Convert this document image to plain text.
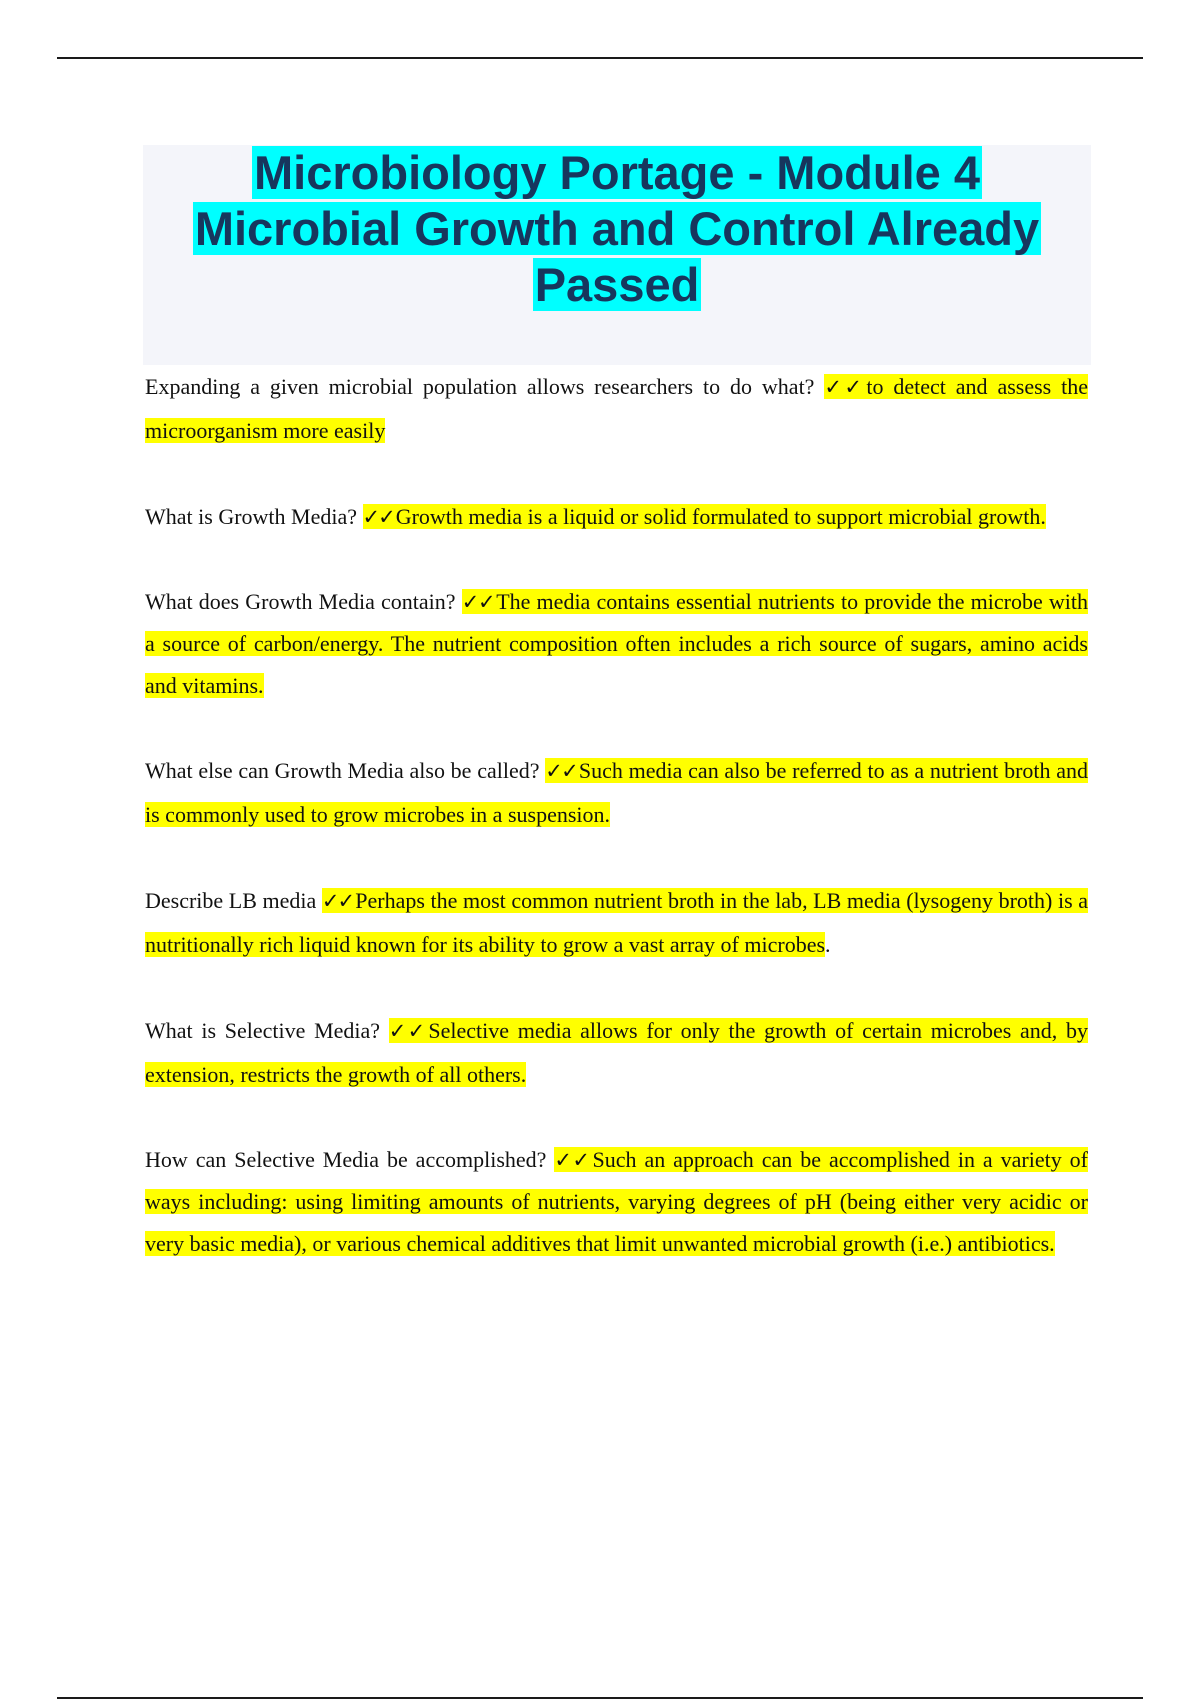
Microbiology Portage - Module 4
Microbial Growth and Control Already
Passed

Expanding a given microbial population allows researchers to do what? ✓✓to detect and assess the microorganism more easily

What is Growth Media? ✓✓Growth media is a liquid or solid formulated to support microbial growth.

What does Growth Media contain? ✓✓The media contains essential nutrients to provide the microbe with a source of carbon/energy. The nutrient composition often includes a rich source of sugars, amino acids and vitamins.

What else can Growth Media also be called? ✓✓Such media can also be referred to as a nutrient broth and is commonly used to grow microbes in a suspension.

Describe LB media ✓✓Perhaps the most common nutrient broth in the lab, LB media (lysogeny broth) is a nutritionally rich liquid known for its ability to grow a vast array of microbes.

What is Selective Media? ✓✓Selective media allows for only the growth of certain microbes and, by extension, restricts the growth of all others.

How can Selective Media be accomplished? ✓✓Such an approach can be accomplished in a variety of ways including: using limiting amounts of nutrients, varying degrees of pH (being either very acidic or very basic media), or various chemical additives that limit unwanted microbial growth (i.e.) antibiotics.
